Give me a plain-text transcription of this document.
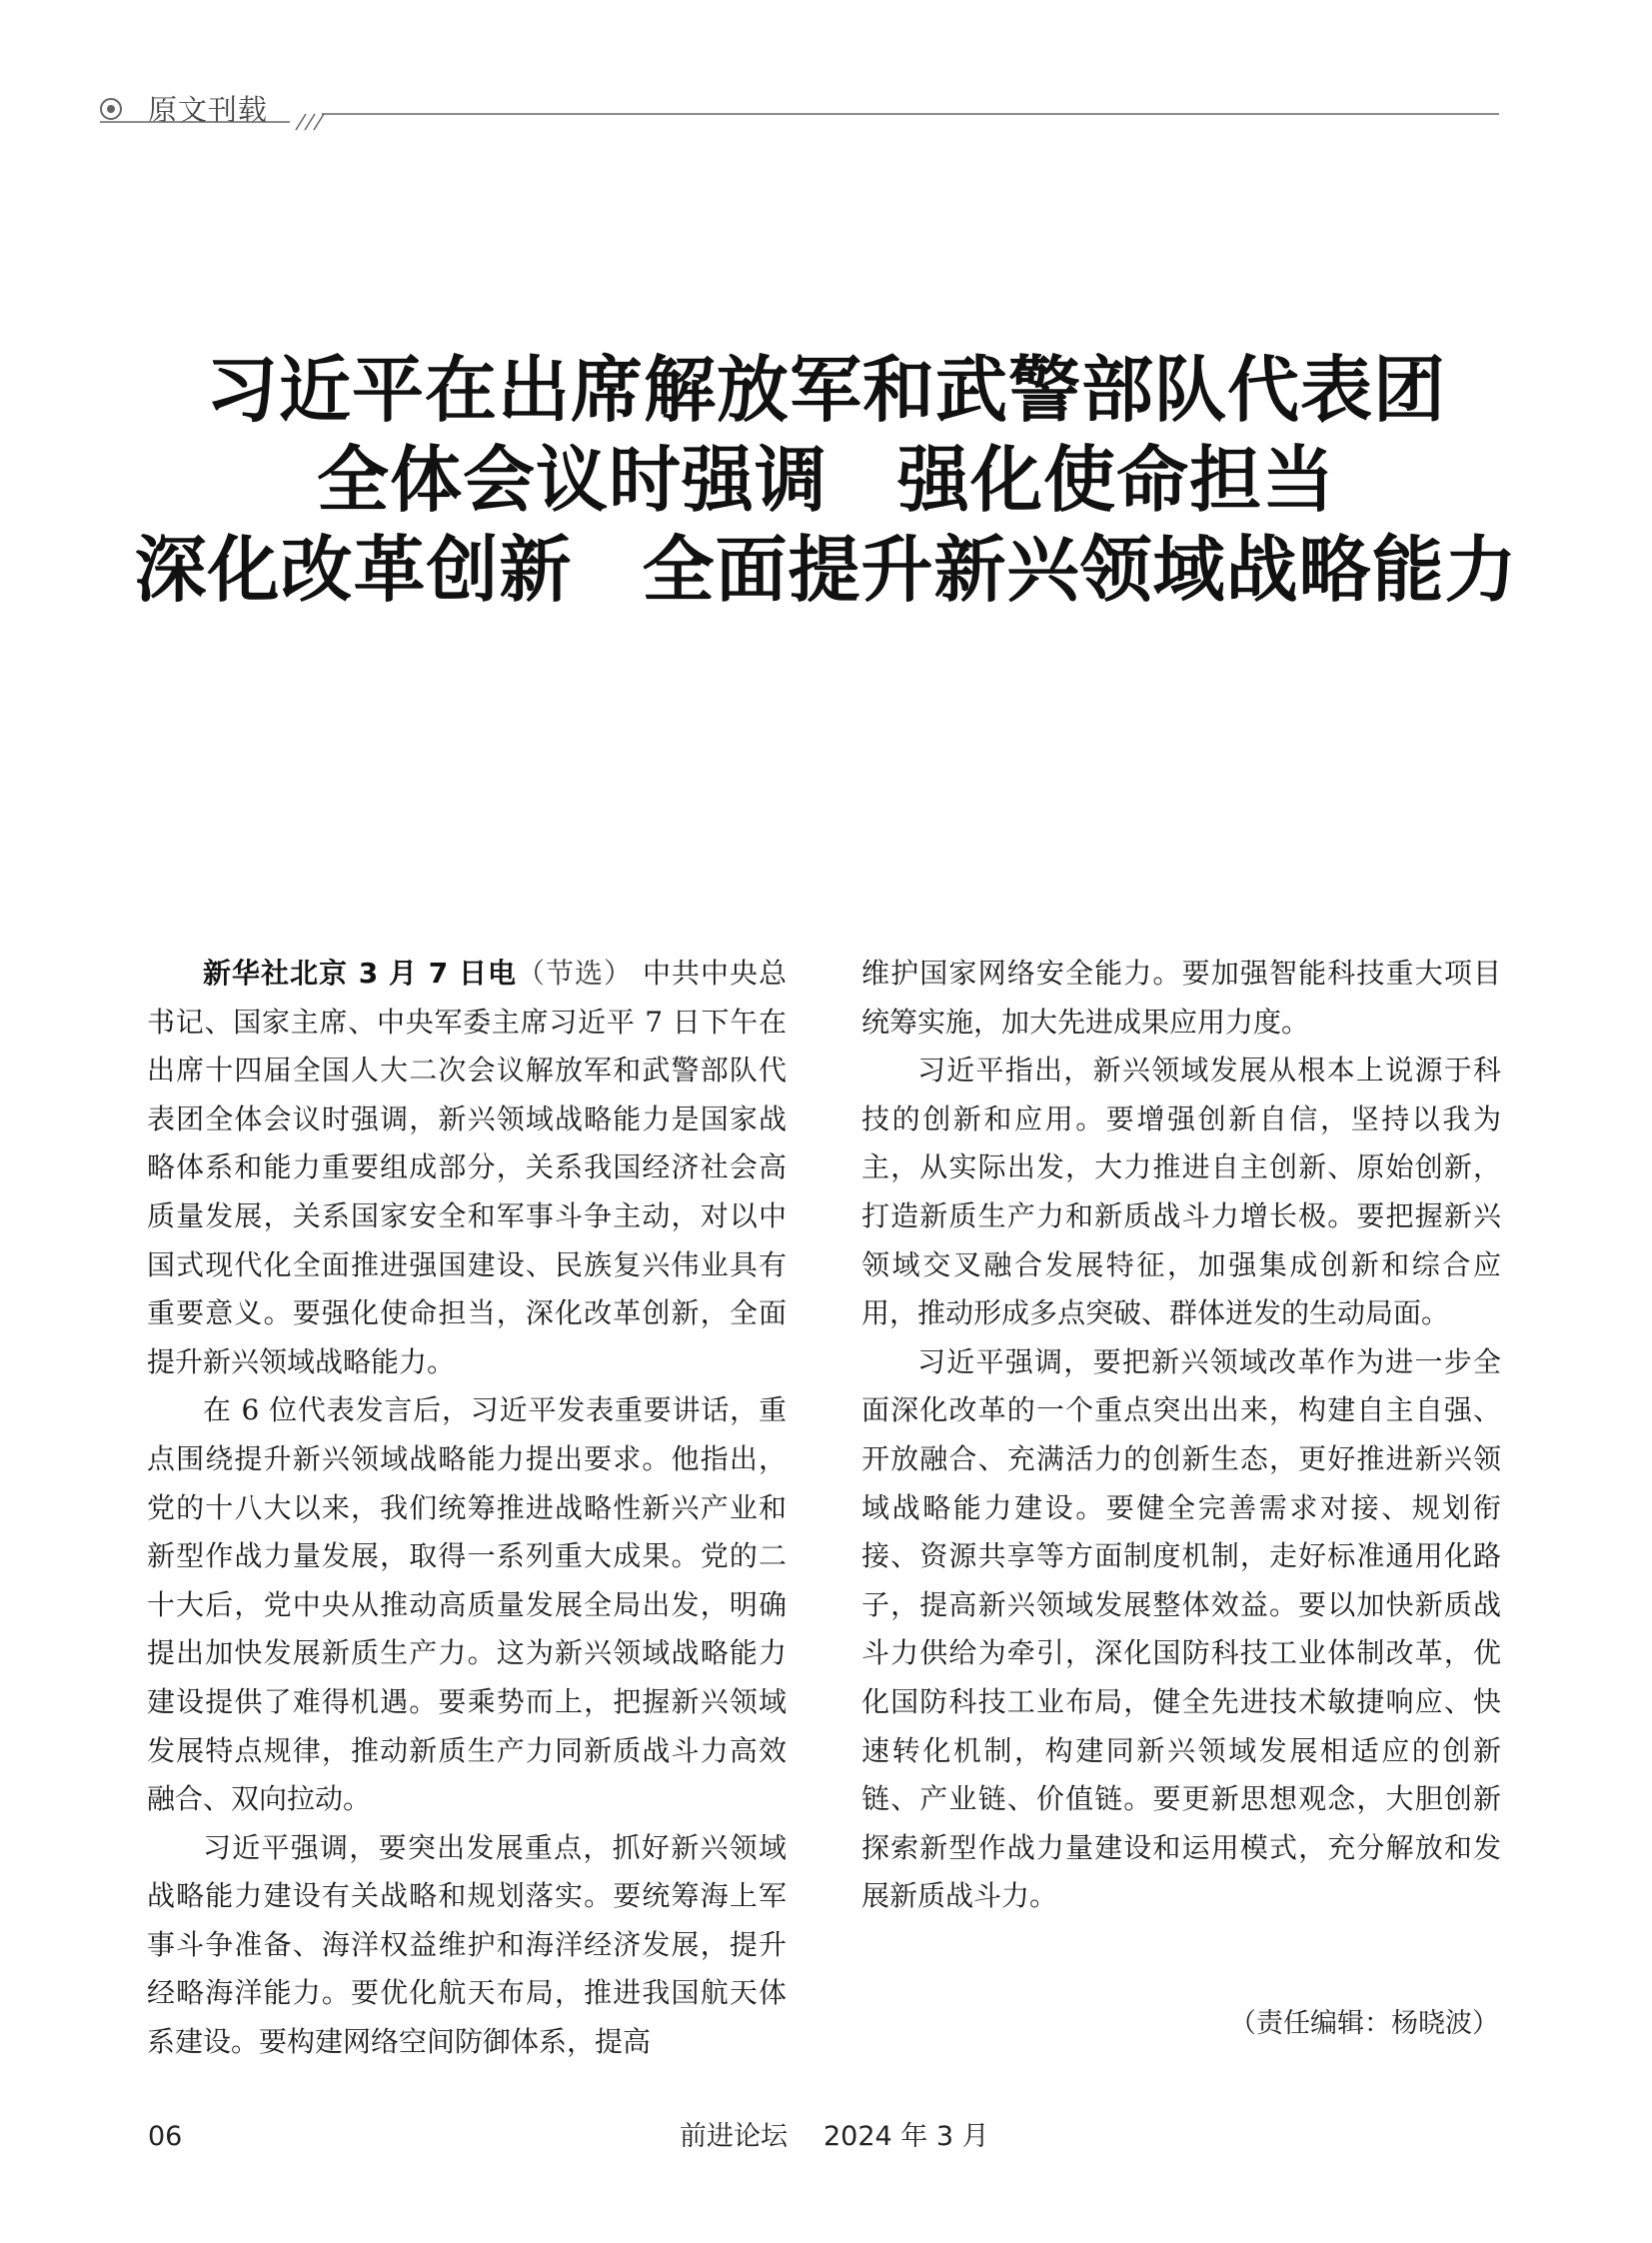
原文刊载
习近平在出席解放军和武警部队代表团
全体会议时强调 强化使命担当
深化改革创新 全面提升新兴领域战略能力

新华社北京 3 月 7 日电（节选） 中共中央总书记、国家主席、中央军委主席习近平 7 日下午在出席十四届全国人大二次会议解放军和武警部队代表团全体会议时强调，新兴领域战略能力是国家战略体系和能力重要组成部分，关系我国经济社会高质量发展，关系国家安全和军事斗争主动，对以中国式现代化全面推进强国建设、民族复兴伟业具有重要意义。要强化使命担当，深化改革创新，全面提升新兴领域战略能力。

在 6 位代表发言后，习近平发表重要讲话，重点围绕提升新兴领域战略能力提出要求。他指出，党的十八大以来，我们统筹推进战略性新兴产业和新型作战力量发展，取得一系列重大成果。党的二十大后，党中央从推动高质量发展全局出发，明确提出加快发展新质生产力。这为新兴领域战略能力建设提供了难得机遇。要乘势而上，把握新兴领域发展特点规律，推动新质生产力同新质战斗力高效融合、双向拉动。

习近平强调，要突出发展重点，抓好新兴领域战略能力建设有关战略和规划落实。要统筹海上军事斗争准备、海洋权益维护和海洋经济发展，提升经略海洋能力。要优化航天布局，推进我国航天体系建设。要构建网络空间防御体系，提高

维护国家网络安全能力。要加强智能科技重大项目统筹实施，加大先进成果应用力度。

习近平指出，新兴领域发展从根本上说源于科技的创新和应用。要增强创新自信，坚持以我为主，从实际出发，大力推进自主创新、原始创新，打造新质生产力和新质战斗力增长极。要把握新兴领域交叉融合发展特征，加强集成创新和综合应用，推动形成多点突破、群体迸发的生动局面。

习近平强调，要把新兴领域改革作为进一步全面深化改革的一个重点突出出来，构建自主自强、开放融合、充满活力的创新生态，更好推进新兴领域战略能力建设。要健全完善需求对接、规划衔接、资源共享等方面制度机制，走好标准通用化路子，提高新兴领域发展整体效益。要以加快新质战斗力供给为牵引，深化国防科技工业体制改革，优化国防科技工业布局，健全先进技术敏捷响应、快速转化机制，构建同新兴领域发展相适应的创新链、产业链、价值链。要更新思想观念，大胆创新探索新型作战力量建设和运用模式，充分解放和发展新质战斗力。

（责任编辑：杨晓波）
06	前进论坛 2024 年 3 月
